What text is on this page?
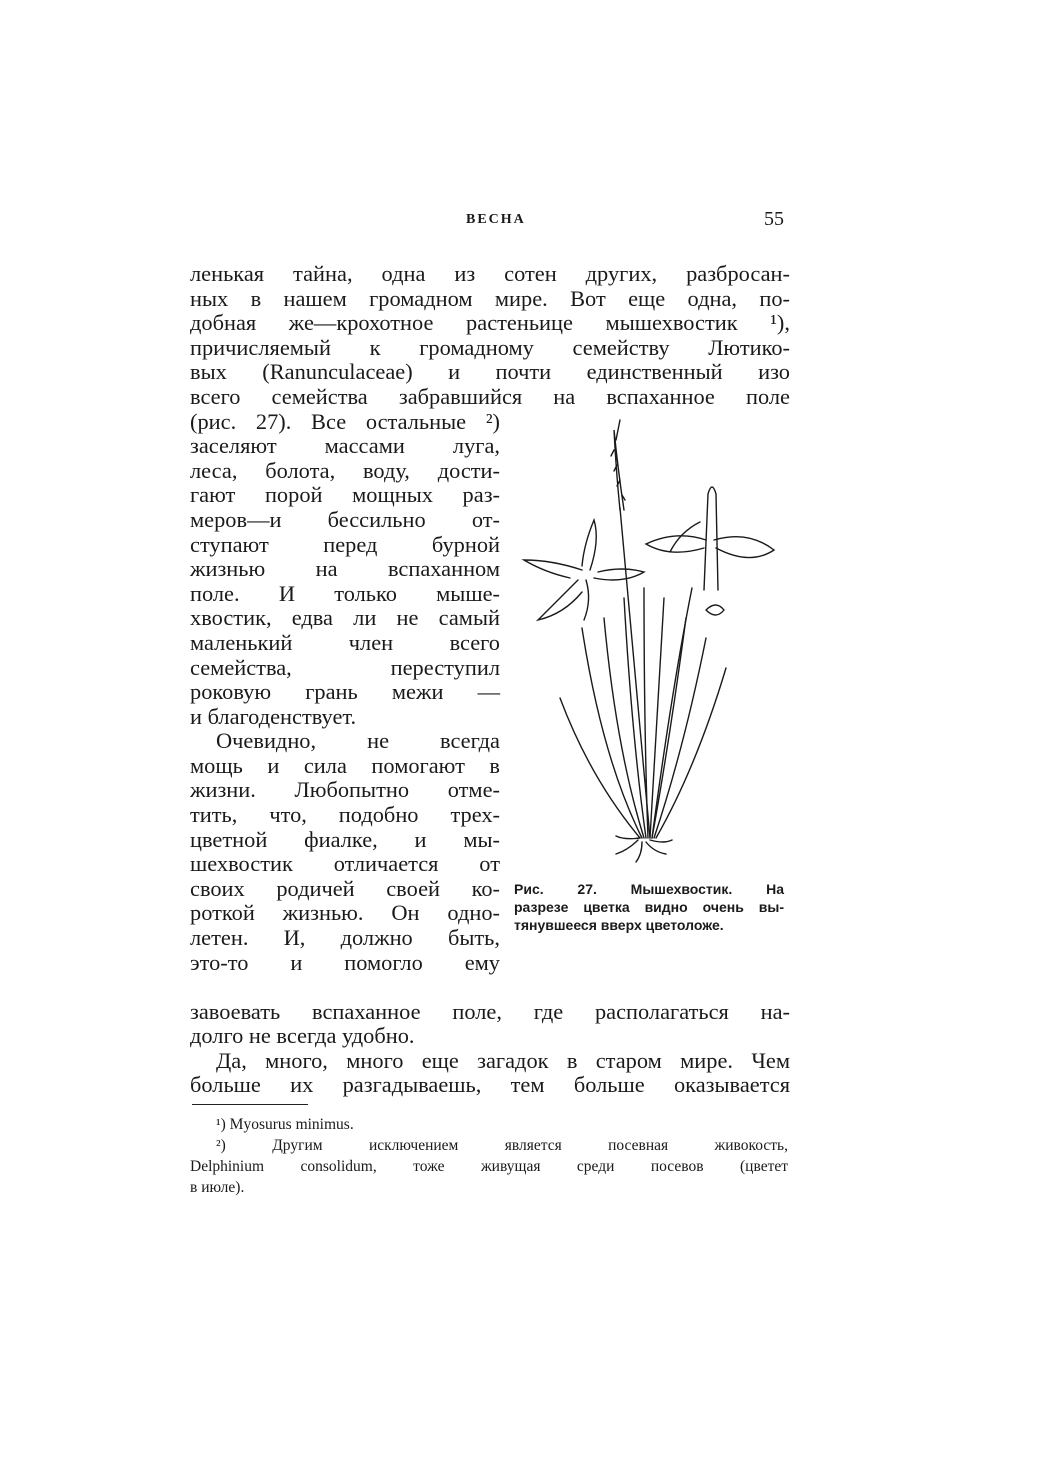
ВЕСНА	55
ленькая тайна, одна из сотен других, разбросан-
ных в нашем громадном мире. Вот еще одна, по-
добная же—крохотное растеньице мышехвостик ¹),
причисляемый к громадному семейству Лютико-
вых (Ranunculaceae) и почти единственный изо
всего семейства забравшийся на вспаханное поле
(рис. 27). Все остальные ²)
заселяют массами луга,
леса, болота, воду, дости-
гают порой мощных раз-
меров—и бессильно от-
ступают перед бурной
жизнью на вспаханном
поле. И только мыше-
хвостик, едва ли не самый
маленький член всего
семейства, переступил
роковую грань межи —
и благоденствует.
Очевидно, не всегда
мощь и сила помогают в
жизни. Любопытно отме-
тить, что, подобно трех-
цветной фиалке, и мы-
шехвостик отличается от
своих родичей своей ко-
роткой жизнью. Он одно-
летен. И, должно быть,
это-то и помогло ему
Рис. 27. Мышехвостик. На
разрезе цветка видно очень вы-
тянувшееся вверх цветоложе.
завоевать вспаханное поле, где располагаться на-
долго не всегда удобно.
Да, много, много еще загадок в старом мире. Чем
больше их разгадываешь, тем больше оказывается
¹) Myosurus minimus.
²) Другим исключением является посевная живокость,
Delphinium consolidum, тоже живущая среди посевов (цветет
в июле).
